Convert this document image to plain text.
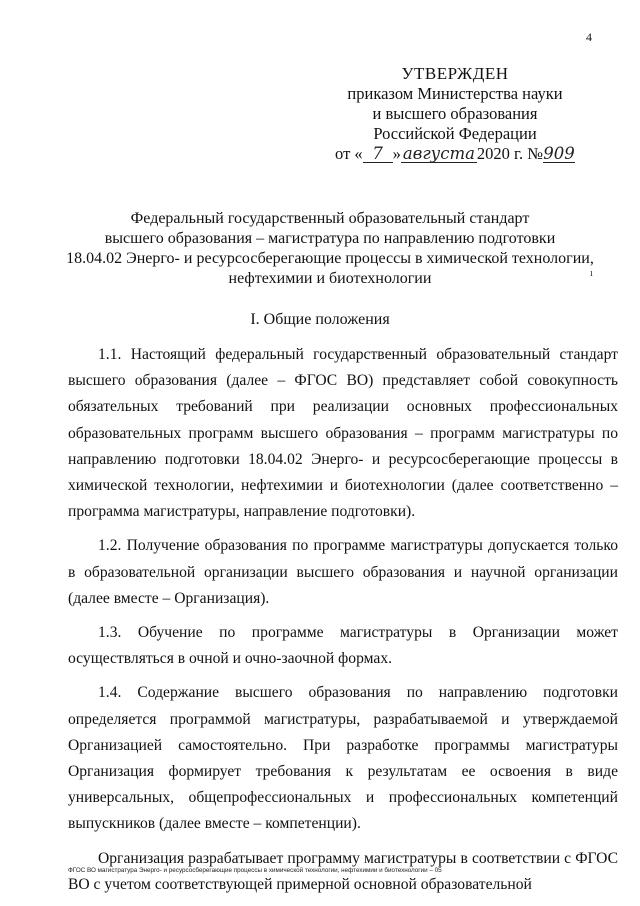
4
УТВЕРЖДЕН
приказом Министерства науки
и высшего образования
Российской Федерации
от « 7 » августа 2020 г. №909
Федеральный государственный образовательный стандарт
высшего образования – магистратура по направлению подготовки
18.04.02 Энерго- и ресурсосберегающие процессы в химической технологии,
нефтехимии и биотехнологии	ı
I. Общие положения

1.1. Настоящий федеральный государственный образовательный стандарт высшего образования (далее – ФГОС ВО) представляет собой совокупность обязательных требований при реализации основных профессиональных образовательных программ высшего образования – программ магистратуры по направлению подготовки 18.04.02 Энерго- и ресурсосберегающие процессы в химической технологии, нефтехимии и биотехнологии (далее соответственно – программа магистратуры, направление подготовки).

1.2. Получение образования по программе магистратуры допускается только в образовательной организации высшего образования и научной организации (далее вместе – Организация).

1.3. Обучение по программе магистратуры в Организации может осуществляться в очной и очно-заочной формах.

1.4. Содержание высшего образования по направлению подготовки определяется программой магистратуры, разрабатываемой и утверждаемой Организацией самостоятельно. При разработке программы магистратуры Организация формирует требования к результатам ее освоения в виде универсальных, общепрофессиональных и профессиональных компетенций выпускников (далее вместе – компетенции).

Организация разрабатывает программу магистратуры в соответствии с ФГОС ВО с учетом соответствующей примерной основной образовательной

ФГОС ВО магистратура Энерго- и ресурсосберегающие процессы в химической технологии, нефтехимии и биотехнологии – 05
